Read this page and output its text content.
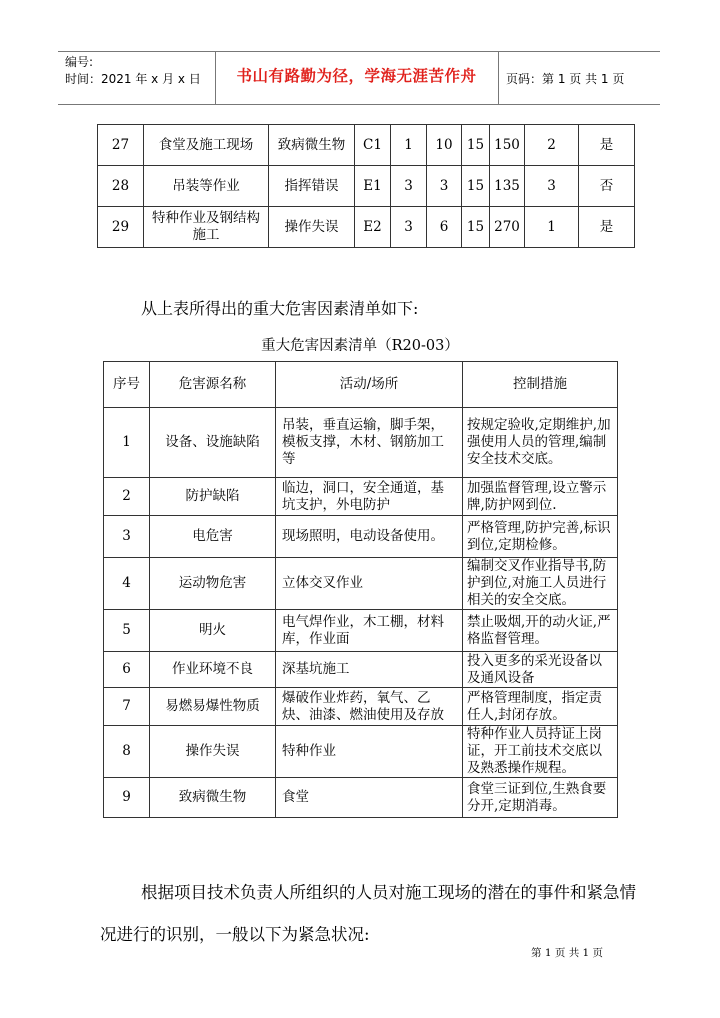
编号:
时间：2021 年 x 月 x 日	书山有路勤为径，学海无涯苦作舟	页码：第 1 页 共 1 页
27	食堂及施工现场	致病微生物	C1	1	10	15	150	2	是
28	吊装等作业	指挥错误	E1	3	3	15	135	3	否
29	特种作业及钢结构施工	操作失误	E2	3	6	15	270	1	是
从上表所得出的重大危害因素清单如下:
重大危害因素清单（R20-03）
序号	危害源名称	活动/场所	控制措施
1	设备、设施缺陷	吊装，垂直运输，脚手架，模板支撑，木材、钢筋加工等	按规定验收,定期维护,加强使用人员的管理,编制安全技术交底。
2	防护缺陷	临边，洞口，安全通道，基坑支护，外电防护	加强监督管理,设立警示牌,防护网到位.
3	电危害	现场照明，电动设备使用。	严格管理,防护完善,标识到位,定期检修。
4	运动物危害	立体交叉作业	编制交叉作业指导书,防护到位,对施工人员进行相关的安全交底。
5	明火	电气焊作业，木工棚，材料库，作业面	禁止吸烟,开的动火证,严格监督管理。
6	作业环境不良	深基坑施工	投入更多的采光设备以及通风设备
7	易燃易爆性物质	爆破作业炸药，氧气、乙炔、油漆、燃油使用及存放	严格管理制度，指定责任人,封闭存放。
8	操作失误	特种作业	特种作业人员持证上岗证，开工前技术交底以及熟悉操作规程。
9	致病微生物	食堂	食堂三证到位,生熟食要分开,定期消毒。
根据项目技术负责人所组织的人员对施工现场的潜在的事件和紧急情况进行的识别，一般以下为紧急状况:
第 1 页 共 1 页
